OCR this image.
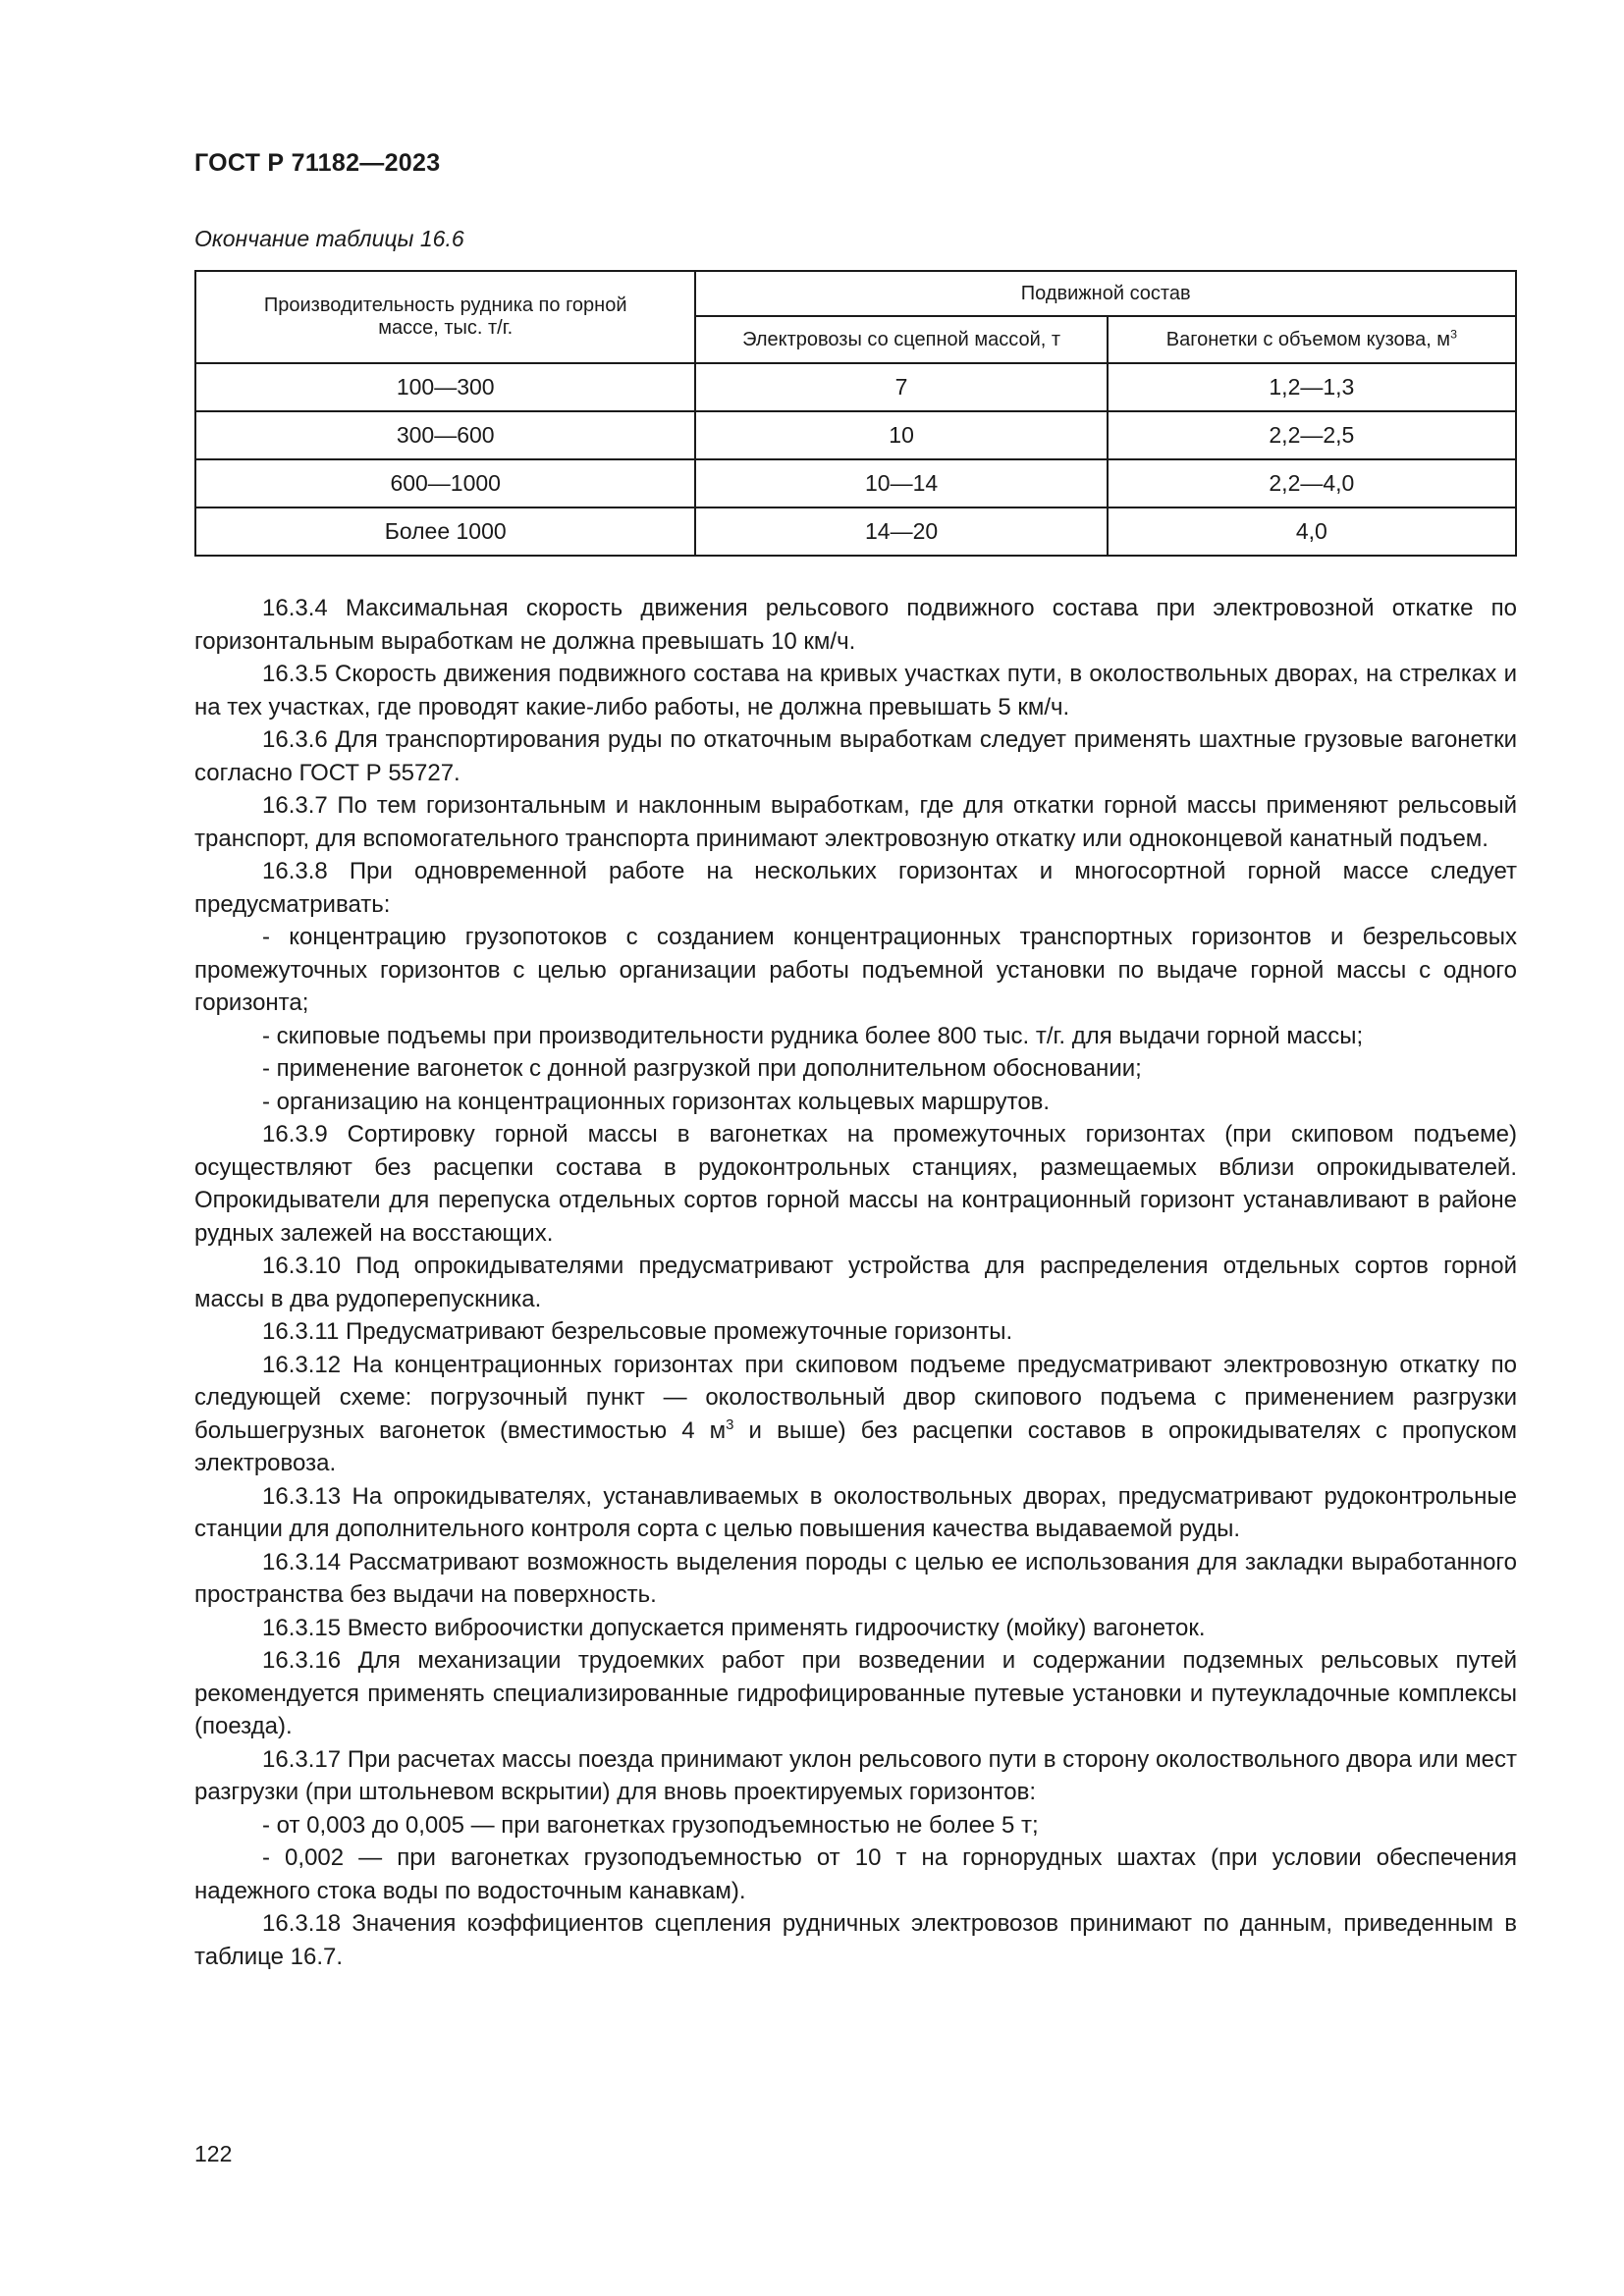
ГОСТ Р 71182—2023
Окончание таблицы 16.6
Производительность рудника по горной массе, тыс. т/г.	Подвижной состав	
	Электровозы со сцепной массой, т	Вагонетки с объемом кузова, $м^3$
100—300	7	1,2—1,3
300—600	10	2,2—2,5
600—1000	10—14	2,2—4,0
Более 1000	14—20	4,0

16.3.4 Максимальная скорость движения рельсового подвижного состава при электровозной откатке по горизонтальным выработкам не должна превышать 10 км/ч.

16.3.5 Скорость движения подвижного состава на кривых участках пути, в околоствольных дворах, на стрелках и на тех участках, где проводят какие-либо работы, не должна превышать 5 км/ч.

16.3.6 Для транспортирования руды по откаточным выработкам следует применять шахтные грузовые вагонетки согласно ГОСТ Р 55727.

16.3.7 По тем горизонтальным и наклонным выработкам, где для откатки горной массы применяют рельсовый транспорт, для вспомогательного транспорта принимают электровозную откатку или одноконцевой канатный подъем.

16.3.8 При одновременной работе на нескольких горизонтах и многосортной горной массе следует предусматривать:

- концентрацию грузопотоков с созданием концентрационных транспортных горизонтов и безрельсовых промежуточных горизонтов с целью организации работы подъемной установки по выдаче горной массы с одного горизонта;

- скиповые подъемы при производительности рудника более 800 тыс. т/г. для выдачи горной массы;

- применение вагонеток с донной разгрузкой при дополнительном обосновании;

- организацию на концентрационных горизонтах кольцевых маршрутов.

16.3.9 Сортировку горной массы в вагонетках на промежуточных горизонтах (при скиповом подъеме) осуществляют без расцепки состава в рудоконтрольных станциях, размещаемых вблизи опрокидывателей. Опрокидыватели для перепуска отдельных сортов горной массы на контрационный горизонт устанавливают в районе рудных залежей на восстающих.

16.3.10 Под опрокидывателями предусматривают устройства для распределения отдельных сортов горной массы в два рудоперепускника.

16.3.11 Предусматривают безрельсовые промежуточные горизонты.

16.3.12 На концентрационных горизонтах при скиповом подъеме предусматривают электровозную откатку по следующей схеме: погрузочный пункт — околоствольный двор скипового подъема с применением разгрузки большегрузных вагонеток (вместимостью 4 $м^3$ и выше) без расцепки составов в опрокидывателях с пропуском электровоза.

16.3.13 На опрокидывателях, устанавливаемых в околоствольных дворах, предусматривают рудоконтрольные станции для дополнительного контроля сорта с целью повышения качества выдаваемой руды.

16.3.14 Рассматривают возможность выделения породы с целью ее использования для закладки выработанного пространства без выдачи на поверхность.

16.3.15 Вместо виброочистки допускается применять гидроочистку (мойку) вагонеток.

16.3.16 Для механизации трудоемких работ при возведении и содержании подземных рельсовых путей рекомендуется применять специализированные гидрофицированные путевые установки и путеукладочные комплексы (поезда).

16.3.17 При расчетах массы поезда принимают уклон рельсового пути в сторону околоствольного двора или мест разгрузки (при штольневом вскрытии) для вновь проектируемых горизонтов:

- от 0,003 до 0,005 — при вагонетках грузоподъемностью не более 5 т;

- 0,002 — при вагонетках грузоподъемностью от 10 т на горнорудных шахтах (при условии обеспечения надежного стока воды по водосточным канавкам).

16.3.18 Значения коэффициентов сцепления рудничных электровозов принимают по данным, приведенным в таблице 16.7.

122
